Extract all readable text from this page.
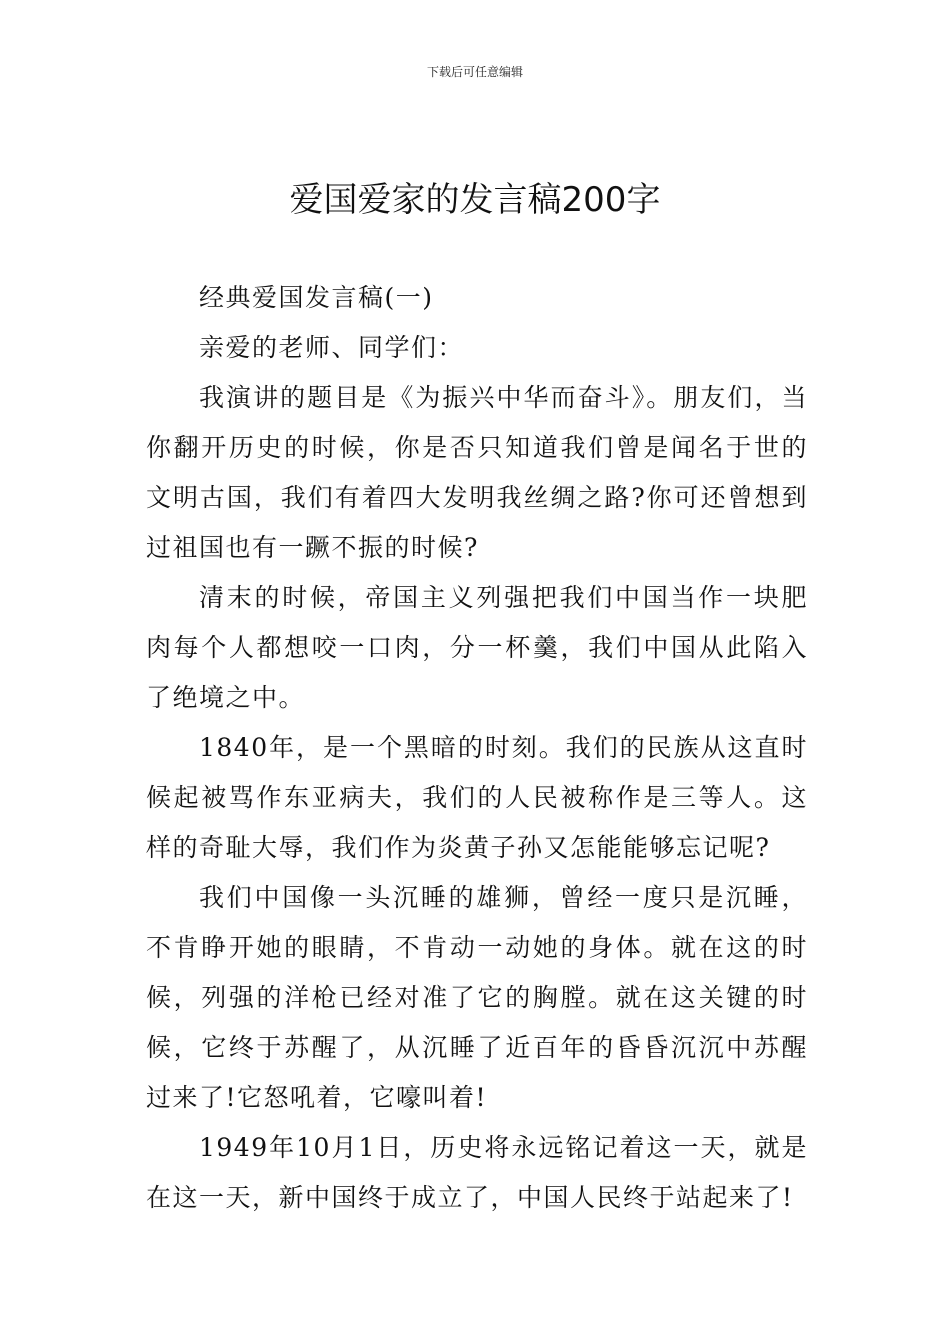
下载后可任意编辑
爱国爱家的发言稿200字

经典爱国发言稿(一)

亲爱的老师、同学们：

我演讲的题目是《为振兴中华而奋斗》。朋友们，当你翻开历史的时候，你是否只知道我们曾是闻名于世的文明古国，我们有着四大发明我丝绸之路?你可还曾想到过祖国也有一蹶不振的时候?

清末的时候，帝国主义列强把我们中国当作一块肥肉每个人都想咬一口肉，分一杯羹，我们中国从此陷入了绝境之中。

1840年，是一个黑暗的时刻。我们的民族从这直时候起被骂作东亚病夫，我们的人民被称作是三等人。这样的奇耻大辱，我们作为炎黄子孙又怎能能够忘记呢?

我们中国像一头沉睡的雄狮，曾经一度只是沉睡，不肯睁开她的眼睛，不肯动一动她的身体。就在这的时候，列强的洋枪已经对准了它的胸膛。就在这关键的时候，它终于苏醒了，从沉睡了近百年的昏昏沉沉中苏醒过来了!它怒吼着，它嚎叫着!

1949年10月1日，历史将永远铭记着这一天，就是在这一天，新中国终于成立了，中国人民终于站起来了!
